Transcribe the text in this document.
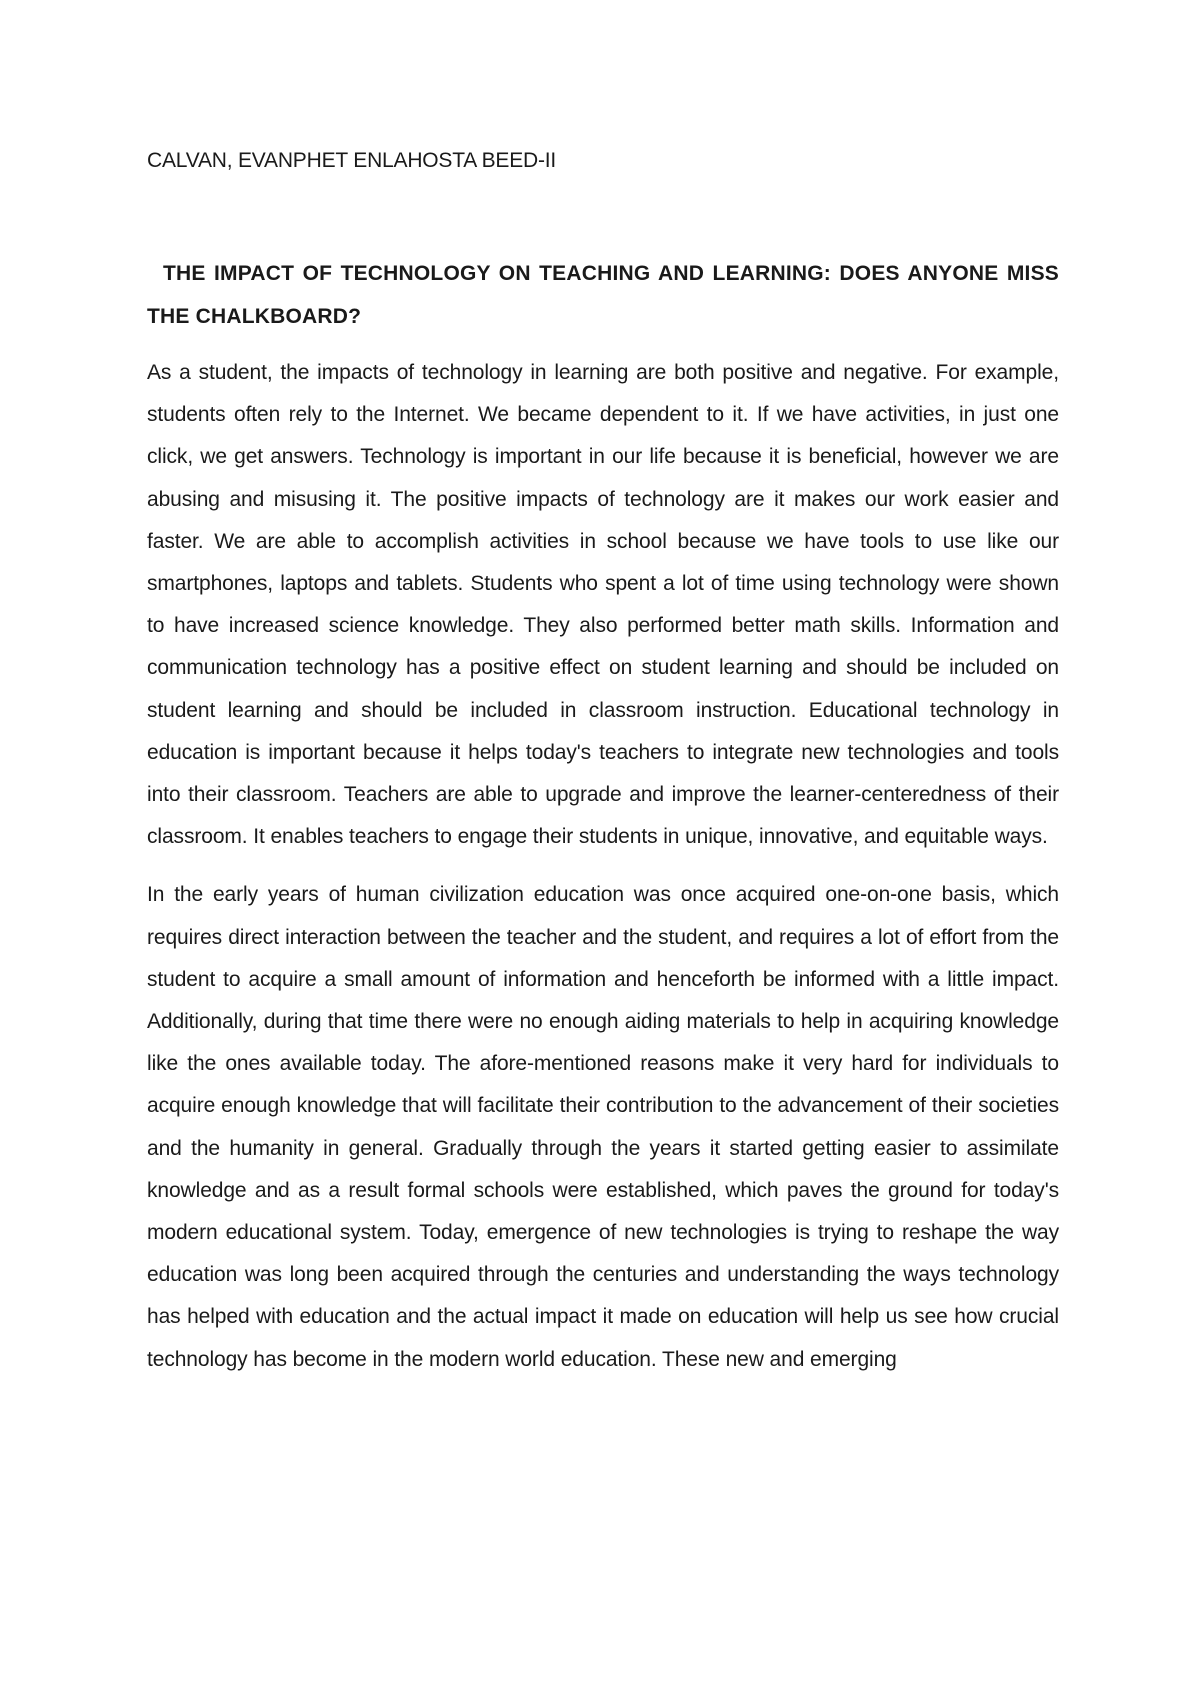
CALVAN, EVANPHET ENLAHOSTA BEED-II

THE IMPACT OF TECHNOLOGY ON TEACHING AND LEARNING: DOES ANYONE MISS THE CHALKBOARD?

As a student, the impacts of technology in learning are both positive and negative. For example, students often rely to the Internet. We became dependent to it. If we have activities, in just one click, we get answers. Technology is important in our life because it is beneficial, however we are abusing and misusing it. The positive impacts of technology are it makes our work easier and faster. We are able to accomplish activities in school because we have tools to use like our smartphones, laptops and tablets. Students who spent a lot of time using technology were shown to have increased science knowledge. They also performed better math skills. Information and communication technology has a positive effect on student learning and should be included on student learning and should be included in classroom instruction. Educational technology in education is important because it helps today's teachers to integrate new technologies and tools into their classroom. Teachers are able to upgrade and improve the learner-centeredness of their classroom. It enables teachers to engage their students in unique, innovative, and equitable ways.

In the early years of human civilization education was once acquired one-on-one basis, which requires direct interaction between the teacher and the student, and requires a lot of effort from the student to acquire a small amount of information and henceforth be informed with a little impact. Additionally, during that time there were no enough aiding materials to help in acquiring knowledge like the ones available today. The afore-mentioned reasons make it very hard for individuals to acquire enough knowledge that will facilitate their contribution to the advancement of their societies and the humanity in general. Gradually through the years it started getting easier to assimilate knowledge and as a result formal schools were established, which paves the ground for today's modern educational system. Today, emergence of new technologies is trying to reshape the way education was long been acquired through the centuries and understanding the ways technology has helped with education and the actual impact it made on education will help us see how crucial technology has become in the modern world education. These new and emerging
